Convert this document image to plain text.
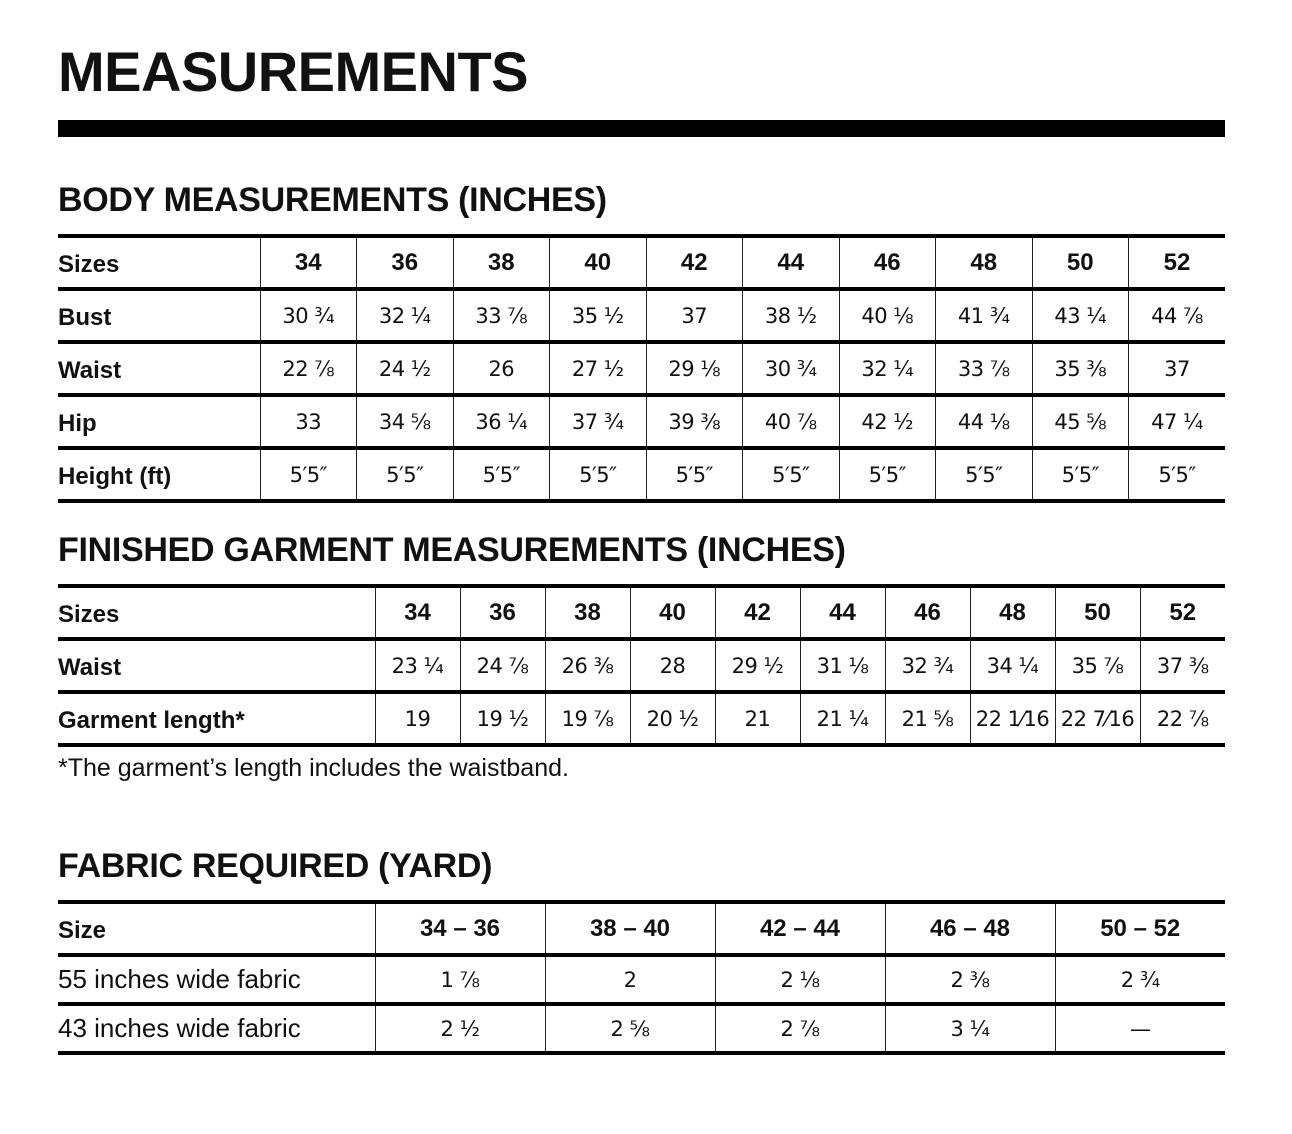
MEASUREMENTS
BODY MEASUREMENTS (INCHES)
Sizes	34	36	38	40	42	44	46	48	50	52
Bust	30 ¾	32 ¼	33 ⅞	35 ½	37	38 ½	40 ⅛	41 ¾	43 ¼	44 ⅞
Waist	22 ⅞	24 ½	26	27 ½	29 ⅛	30 ¾	32 ¼	33 ⅞	35 ⅜	37
Hip	33	34 ⅝	36 ¼	37 ¾	39 ⅜	40 ⅞	42 ½	44 ⅛	45 ⅝	47 ¼
Height (ft)	5′5″	5′5″	5′5″	5′5″	5′5″	5′5″	5′5″	5′5″	5′5″	5′5″
FINISHED GARMENT MEASUREMENTS (INCHES)
Sizes	34	36	38	40	42	44	46	48	50	52
Waist	23 ¼	24 ⅞	26 ⅜	28	29 ½	31 ⅛	32 ¾	34 ¼	35 ⅞	37 ⅜
Garment length*	19	19 ½	19 ⅞	20 ½	21	21 ¼	21 ⅝	22 1⁄16	22 7⁄16	22 ⅞

*The garment’s length includes the waistband.

FABRIC REQUIRED (YARD)
Size	34 – 36	38 – 40	42 – 44	46 – 48	50 – 52
55 inches wide fabric	1 ⅞	2	2 ⅛	2 ⅜	2 ¾
43 inches wide fabric	2 ½	2 ⅝	2 ⅞	3 ¼	—
